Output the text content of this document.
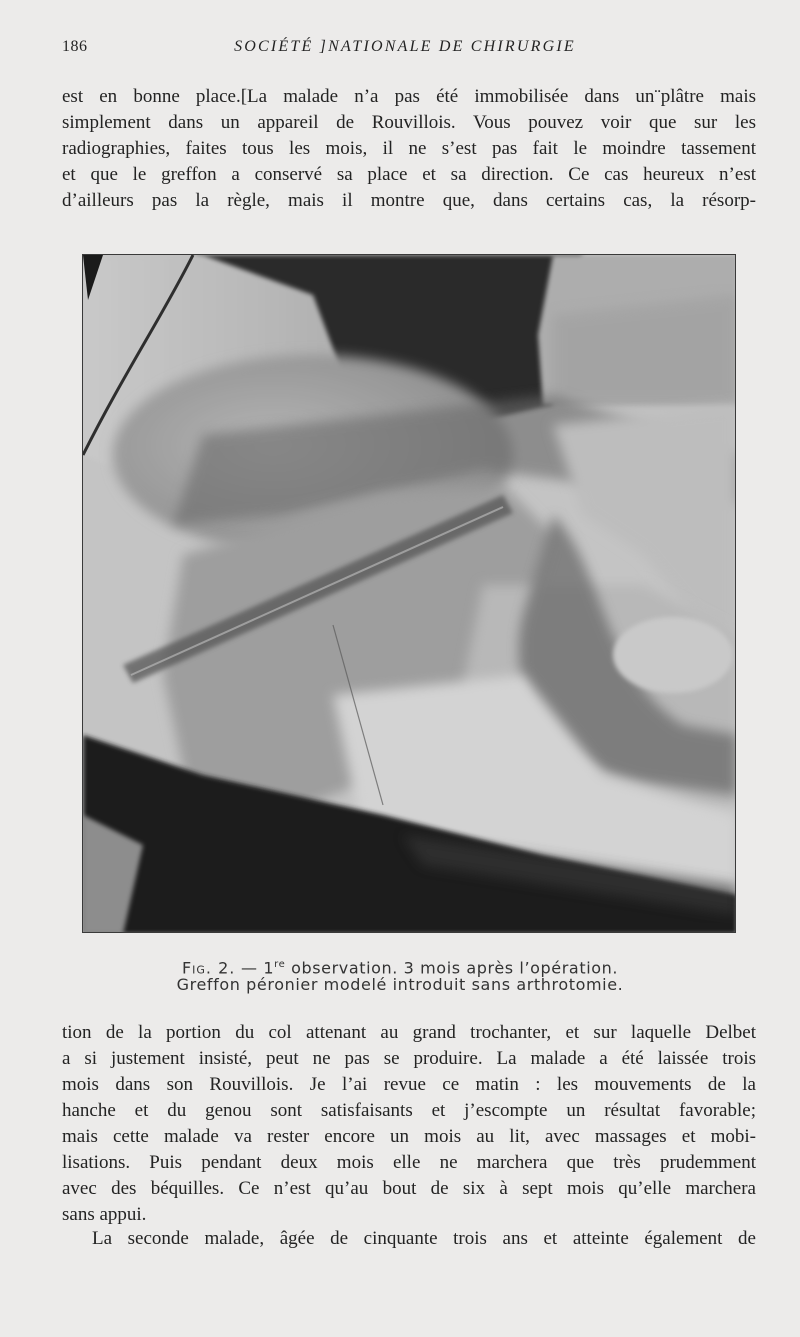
186	SOCIÉTÉ ]NATIONALE DE CHIRURGIE
est en bonne place.[La malade n’a pas été immobilisée dans un¨plâtre mais
simplement dans un appareil de Rouvillois. Vous pouvez voir que sur les
radiographies, faites tous les mois, il ne s’est pas fait le moindre tassement
et que le greffon a conservé sa place et sa direction. Ce cas heureux n’est
d’ailleurs pas la règle, mais il montre que, dans certains cas, la résorp-
Fig. 2. — 1re observation. 3 mois après l’opération.
Greffon péronier modelé introduit sans arthrotomie.
tion de la portion du col attenant au grand trochanter, et sur laquelle Delbet
a si justement insisté, peut ne pas se produire. La malade a été laissée trois
mois dans son Rouvillois. Je l’ai revue ce matin : les mouvements de la
hanche et du genou sont satisfaisants et j’escompte un résultat favorable;
mais cette malade va rester encore un mois au lit, avec massages et mobi-
lisations. Puis pendant deux mois elle ne marchera que très prudemment
avec des béquilles. Ce n’est qu’au bout de six à sept mois qu’elle marchera
sans appui.
La seconde malade, âgée de cinquante trois ans et atteinte également de
